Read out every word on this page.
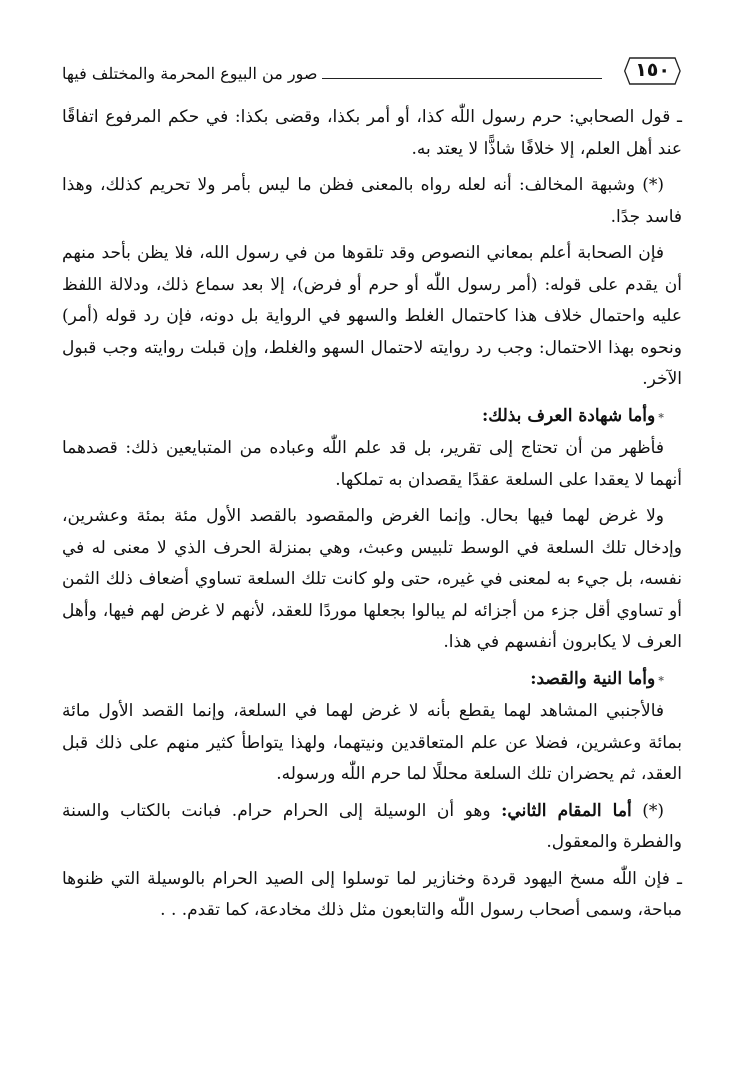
١٥٠
صور من البيوع المحرمة والمختلف فيها

ـ قول الصحابي: حرم رسول اللّٰه كذا، أو أمر بكذا، وقضى بكذا: في حكم المرفوع اتفاقًا عند أهل العلم، إلا خلافًا شاذًّا لا يعتد به.

(*) وشبهة المخالف: أنه لعله رواه بالمعنى فظن ما ليس بأمر ولا تحريم كذلك، وهذا فاسد جدًا.

فإن الصحابة أعلم بمعاني النصوص وقد تلقوها من في رسول الله، فلا يظن بأحد منهم أن يقدم على قوله: (أمر رسول اللّٰه أو حرم أو فرض)، إلا بعد سماع ذلك، ودلالة اللفظ عليه واحتمال خلاف هذا كاحتمال الغلط والسهو في الرواية بل دونه، فإن رد قوله (أمر) ونحوه بهذا الاحتمال: وجب رد روايته لاحتمال السهو والغلط، وإن قبلت روايته وجب قبول الآخر.

*وأما شهادة العرف بذلك:

فأظهر من أن تحتاج إلى تقرير، بل قد علم اللّٰه وعباده من المتبايعين ذلك: قصدهما أنهما لا يعقدا على السلعة عقدًا يقصدان به تملكها.

ولا غرض لهما فيها بحال. وإنما الغرض والمقصود بالقصد الأول مئة بمئة وعشرين، وإدخال تلك السلعة في الوسط تلبيس وعبث، وهي بمنزلة الحرف الذي لا معنى له في نفسه، بل جيء به لمعنى في غيره، حتى ولو كانت تلك السلعة تساوي أضعاف ذلك الثمن أو تساوي أقل جزء من أجزائه لم يبالوا بجعلها موردًا للعقد، لأنهم لا غرض لهم فيها، وأهل العرف لا يكابرون أنفسهم في هذا.

*وأما النية والقصد:

فالأجنبي المشاهد لهما يقطع بأنه لا غرض لهما في السلعة، وإنما القصد الأول مائة بمائة وعشرين، فضلا عن علم المتعاقدين ونيتهما، ولهذا يتواطأ كثير منهم على ذلك قبل العقد، ثم يحضران تلك السلعة محللًا لما حرم اللّٰه ورسوله.

(*) أما المقام الثاني: وهو أن الوسيلة إلى الحرام حرام. فبانت بالكتاب والسنة والفطرة والمعقول.

ـ فإن اللّٰه مسخ اليهود قردة وخنازير لما توسلوا إلى الصيد الحرام بالوسيلة التي ظنوها مباحة، وسمى أصحاب رسول اللّٰه والتابعون مثل ذلك مخادعة، كما تقدم. . .
